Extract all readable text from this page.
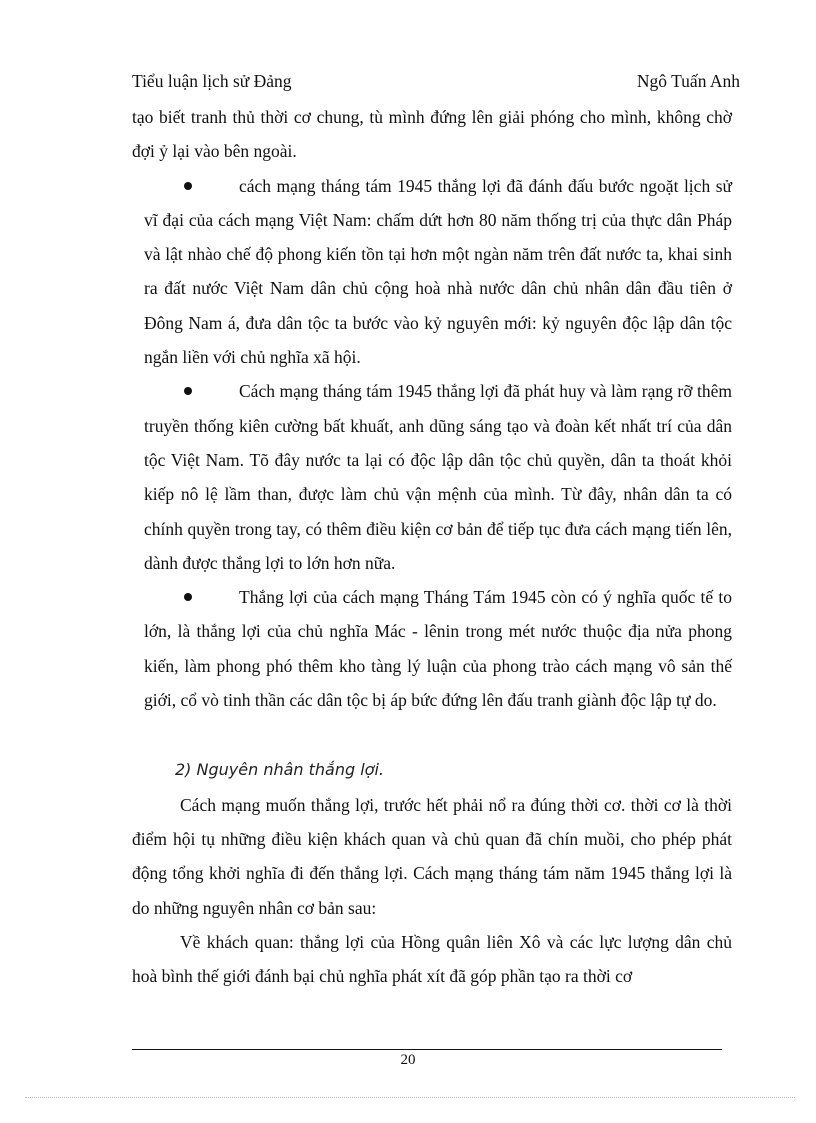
Tiểu luận lịch sử Đảng	Ngô Tuấn Anh

tạo biết tranh thủ thời cơ chung, tù mình đứng lên giải phóng cho mình, không chờ đợi ỷ lại vào bên ngoài.

cách mạng tháng tám 1945 thắng lợi đã đánh đấu bước ngoặt lịch sử vĩ đại của cách mạng Việt Nam: chấm dứt hơn 80 năm thống trị của thực dân Pháp và lật nhào chế độ phong kiến tồn tại hơn một ngàn năm trên đất nước ta, khai sinh ra đất nước Việt Nam dân chủ cộng hoà nhà nước dân chủ nhân dân đầu tiên ở Đông Nam á, đưa dân tộc ta bước vào kỷ nguyên mới: kỷ nguyên độc lập dân tộc ngắn liền với chủ nghĩa xã hội.

Cách mạng tháng tám 1945 thắng lợi đã phát huy và làm rạng rỡ thêm truyền thống kiên cường bất khuất, anh dũng sáng tạo và đoàn kết nhất trí của dân tộc Việt Nam. Tõ đây nước ta lại có độc lập dân tộc chủ quyền, dân ta thoát khỏi kiếp nô lệ lầm than, được làm chủ vận mệnh của mình. Từ đây, nhân dân ta có chính quyền trong tay, có thêm điều kiện cơ bản để tiếp tục đưa cách mạng tiến lên, dành được thắng lợi to lớn hơn nữa.

Thắng lợi của cách mạng Tháng Tám 1945 còn có ý nghĩa quốc tế to lớn, là thắng lợi của chủ nghĩa Mác - lênin trong mét nước thuộc địa nửa phong kiến, làm phong phó thêm kho tàng lý luận của phong trào cách mạng vô sản thế giới, cổ vò tinh thần các dân tộc bị áp bức đứng lên đấu tranh giành độc lập tự do.

2) Nguyên nhân thắng lợi.

Cách mạng muốn thắng lợi, trước hết phải nổ ra đúng thời cơ. thời cơ là thời điểm hội tụ những điều kiện khách quan và chủ quan đã chín muồi, cho phép phát động tổng khởi nghĩa đi đến thắng lợi. Cách mạng tháng tám năm 1945 thắng lợi là do những nguyên nhân cơ bản sau:

Về khách quan: thắng lợi của Hồng quân liên Xô và các lực lượng dân chủ hoà bình thế giới đánh bại chủ nghĩa phát xít đã góp phần tạo ra thời cơ

20
